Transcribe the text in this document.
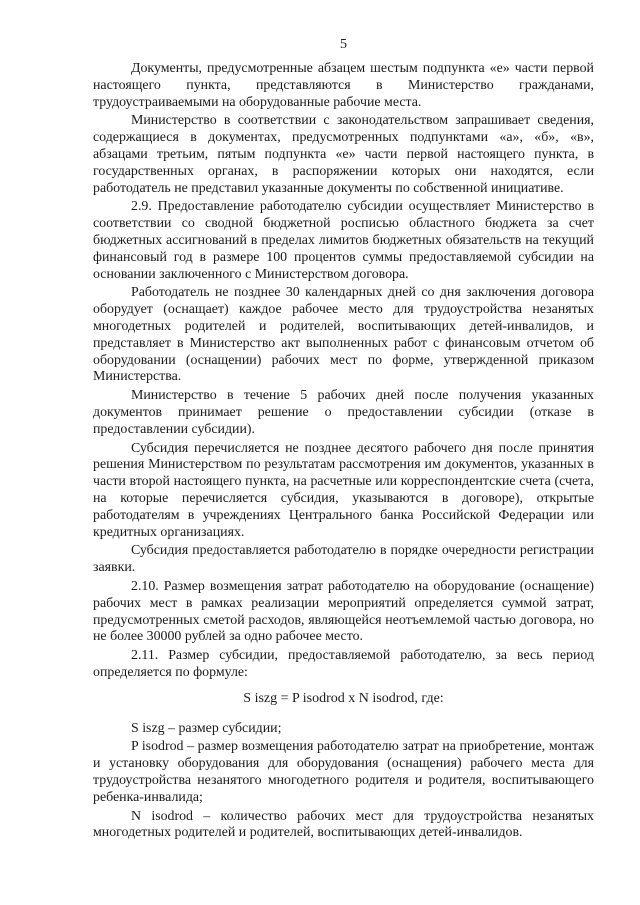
5

Документы, предусмотренные абзацем шестым подпункта «е» части первой настоящего пункта, представляются в Министерство гражданами, трудоустраиваемыми на оборудованные рабочие места.

Министерство в соответствии с законодательством запрашивает сведения, содержащиеся в документах, предусмотренных подпунктами «а», «б», «в», абзацами третьим, пятым подпункта «е» части первой настоящего пункта, в государственных органах, в распоряжении которых они находятся, если работодатель не представил указанные документы по собственной инициативе.

2.9. Предоставление работодателю субсидии осуществляет Министерство в соответствии со сводной бюджетной росписью областного бюджета за счет бюджетных ассигнований в пределах лимитов бюджетных обязательств на текущий финансовый год в размере 100 процентов суммы предоставляемой субсидии на основании заключенного с Министерством договора.

Работодатель не позднее 30 календарных дней со дня заключения договора оборудует (оснащает) каждое рабочее место для трудоустройства незанятых многодетных родителей и родителей, воспитывающих детей-инвалидов, и представляет в Министерство акт выполненных работ с финансовым отчетом об оборудовании (оснащении) рабочих мест по форме, утвержденной приказом Министерства.

Министерство в течение 5 рабочих дней после получения указанных документов принимает решение о предоставлении субсидии (отказе в предоставлении субсидии).

Субсидия перечисляется не позднее десятого рабочего дня после принятия решения Министерством по результатам рассмотрения им документов, указанных в части второй настоящего пункта, на расчетные или корреспондентские счета (счета, на которые перечисляется субсидия, указываются в договоре), открытые работодателям в учреждениях Центрального банка Российской Федерации или кредитных организациях.

Субсидия предоставляется работодателю в порядке очередности регистрации заявки.

2.10. Размер возмещения затрат работодателю на оборудование (оснащение) рабочих мест в рамках реализации мероприятий определяется суммой затрат, предусмотренных сметой расходов, являющейся неотъемлемой частью договора, но не более 30000 рублей за одно рабочее место.

2.11. Размер субсидии, предоставляемой работодателю, за весь период определяется по формуле:

S iszg = P isodrod x N isodrod, где:

S iszg – размер субсидии;

P isodrod – размер возмещения работодателю затрат на приобретение, монтаж и установку оборудования для оборудования (оснащения) рабочего места для трудоустройства незанятого многодетного родителя и родителя, воспитывающего ребенка-инвалида;

N isodrod – количество рабочих мест для трудоустройства незанятых многодетных родителей и родителей, воспитывающих детей-инвалидов.
